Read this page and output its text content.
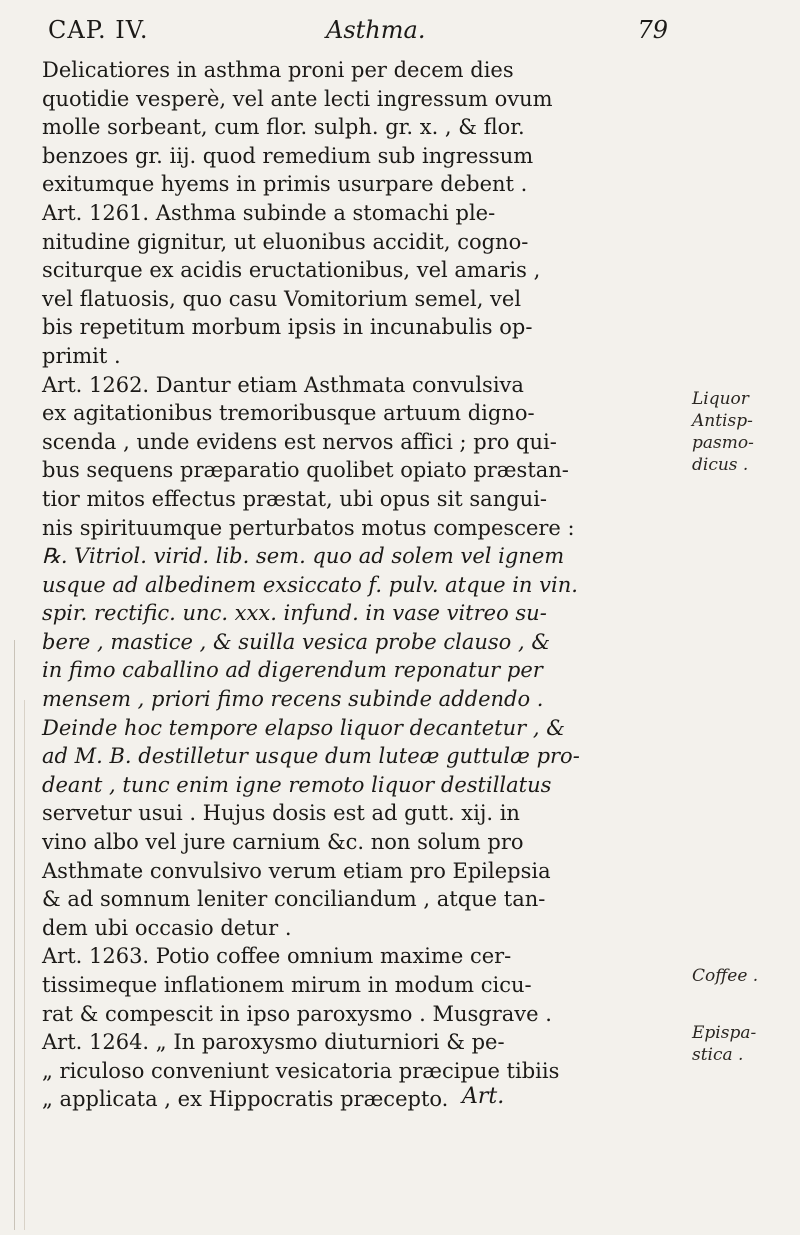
CAP. IV.	Asthma.	79
Delicatiores in asthma proni per decem dies
quotidie vesperè, vel ante lecti ingressum ovum
molle sorbeant, cum flor. sulph. gr. x. , & flor.
benzoes gr. iij. quod remedium sub ingressum
exitumque hyems in primis usurpare debent .
Art. 1261. Asthma subinde a stomachi ple-
nitudine gignitur, ut eluonibus accidit, cogno-
sciturque ex acidis eructationibus, vel amaris ,
vel flatuosis, quo casu Vomitorium semel, vel
bis repetitum morbum ipsis in incunabulis op-
primit .
Art. 1262. Dantur etiam Asthmata convulsiva
ex agitationibus tremoribusque artuum digno-
scenda , unde evidens est nervos affici ; pro qui-
bus sequens præparatio quolibet opiato præstan-
tior mitos effectus præstat, ubi opus sit sangui-
nis spirituumque perturbatos motus compescere :
℞. Vitriol. virid. lib. sem. quo ad solem vel ignem
usque ad albedinem exsiccato f. pulv. atque in vin.
spir. rectific. unc. xxx. infund. in vase vitreo su-
bere , mastice , & suilla vesica probe clauso , &
in fimo caballino ad digerendum reponatur per
mensem , priori fimo recens subinde addendo .
Deinde hoc tempore elapso liquor decantetur , &
ad M. B. destilletur usque dum luteæ guttulæ pro-
deant , tunc enim igne remoto liquor destillatus
servetur usui . Hujus dosis est ad gutt. xij. in
vino albo vel jure carnium &c. non solum pro
Asthmate convulsivo verum etiam pro Epilepsia
& ad somnum leniter conciliandum , atque tan-
dem ubi occasio detur .
Art. 1263. Potio coffee omnium maxime cer-
tissimeque inflationem mirum in modum cicu-
rat & compescit in ipso paroxysmo . Musgrave .
Art. 1264. „ In paroxysmo diuturniori & pe-
„ riculoso conveniunt vesicatoria præcipue tibiis
„ applicata , ex Hippocratis præcepto.
Liquor
Antisp-
pasmo-
dicus .
Coffee .
Epispa-
stica .
Art.
